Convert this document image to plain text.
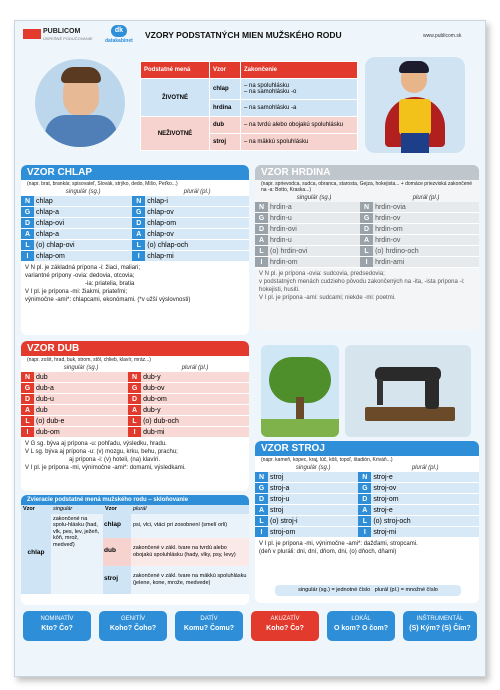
PUBLICOM
ÚSPEŠNÉ PODUČOVANIE
dk
datakabinet
VZORY PODSTATNÝCH MIEN MUŽSKÉHO RODU	www.publicom.sk
Podstatné mená	Vzor	Zakončenie
ŽIVOTNÉ	chlap	– na spoluhlásku
– na samohlásku -o
	hrdina	– na samohlásku -a
NEŽIVOTNÉ	dub	– na tvrdú alebo obojakú spoluhlásku
	stroj	– na mäkkú spoluhlásku
VZOR CHLAP
(napr. brat, brankár, spisovateľ, Slovák, strýko, dedo, Mišo, Peťko...)
	singulár (sg.)		plurál (pl.)
N	chlap	N	chlap-i
G	chlap-a	G	chlap-ov
D	chlap-ovi	D	chlap-om
A	chlap-a	A	chlap-ov
L	(o) chlap-ovi	L	(o) chlap-och
I	chlap-om	I	chlap-mi
V N pl. je základná prípona -i: žiaci, maliari;
variantné prípony -ovia: dedovia, otcovia;
-ia: priatelia, bratia
V I pl. je prípona -mi: žiakmi, priateľmi;
výnimočne -ami*: chlapcami, ekonómami. (*v užší výslovnosti)
VZOR HRDINA
(napr. sprievodca, sudca, obranca, starosta, Gejza, hokejista... + domáce priezviská zakončené na -a: Botto, Kraska...)
	singulár (sg.)		plurál (pl.)
N	hrdin-a	N	hrdin-ovia
G	hrdin-u	G	hrdin-ov
D	hrdin-ovi	D	hrdin-om
A	hrdin-u	A	hrdin-ov
L	(o) hrdin-ovi	L	(o) hrdino-och
I	hrdin-om	I	hrdin-ami
V N pl. je prípona -ovia: sudcovia, predsedovia;
v podstatných menách cudzieho pôvodu zakončených na -ita, -ista prípona -i: hokejisti, husiti.
V I pl. je prípona -ami: sudcami; niekde -mi: poetmi.
VZOR DUB
(napr. zošit, hrad, buk, strom, stôl, chlieb, klavír, mráz...)
	singulár (sg.)		plurál (pl.)
N	dub	N	dub-y
G	dub-a	G	dub-ov
D	dub-u	D	dub-om
A	dub	A	dub-y
L	(o) dub-e	L	(o) dub-och
I	dub-om	I	dub-mi
V G sg. býva aj prípona -u: pohľadu, výsledku, hradu.
V L sg. býva aj prípona -u: (v) mozgu, krku, behu, prachu;
aj prípona -i: (v) hoteli, (na) klavíri.
V I pl. je prípona -mi, výnimočne -ami*: domami, výsledkami.
VZOR STROJ
(napr. kameň, kopec, kraj, lúč, kôš, topoľ, štadión, Kriváň...)
	singulár (sg.)		plurál (pl.)
N	stroj	N	stroj-e
G	stroj-a	G	stroj-ov
D	stroj-u	D	stroj-om
A	stroj	A	stroj-e
L	(o) stroj-i	L	(o) stroj-och
I	stroj-om	I	stroj-mi
V I pl. je prípona -mi, výnimočne -ami*: dažďami, stropcami.
(deň v pluráli: dni, dní, dňom, dni, (o) dňoch, dňami)
singulár (sg.) = jednotné číslo plurál (pl.) = množné číslo
Zvieracie podstatné mená mužského rodu – skloňovanie
Vzor	singulár	Vzor	plurál
chlap	zakončené na spolu-hlásku (had, vlk, pes, lev, ježeň, kôň, mrož, medveď)	chlap	psi, vlci, vtáci pri zosobnení (smelí orli)
		dub	zakončené v zákl. tvare na tvrdú alebo obojakú spoluhlásku (hady, vlky, psy, levy)
		stroj	zakončené v zákl. tvare na mäkkú spoluhlásku (jelene, kone, mrože, medvede)
NOMINATÍV
Kto? Čo?
GENITÍV
Koho? Čoho?
DATÍV
Komu? Čomu?
AKUZATÍV
Koho? Čo?
LOKÁL
O kom? O čom?
INŠTRUMENTÁL
(S) Kým? (S) Čím?
